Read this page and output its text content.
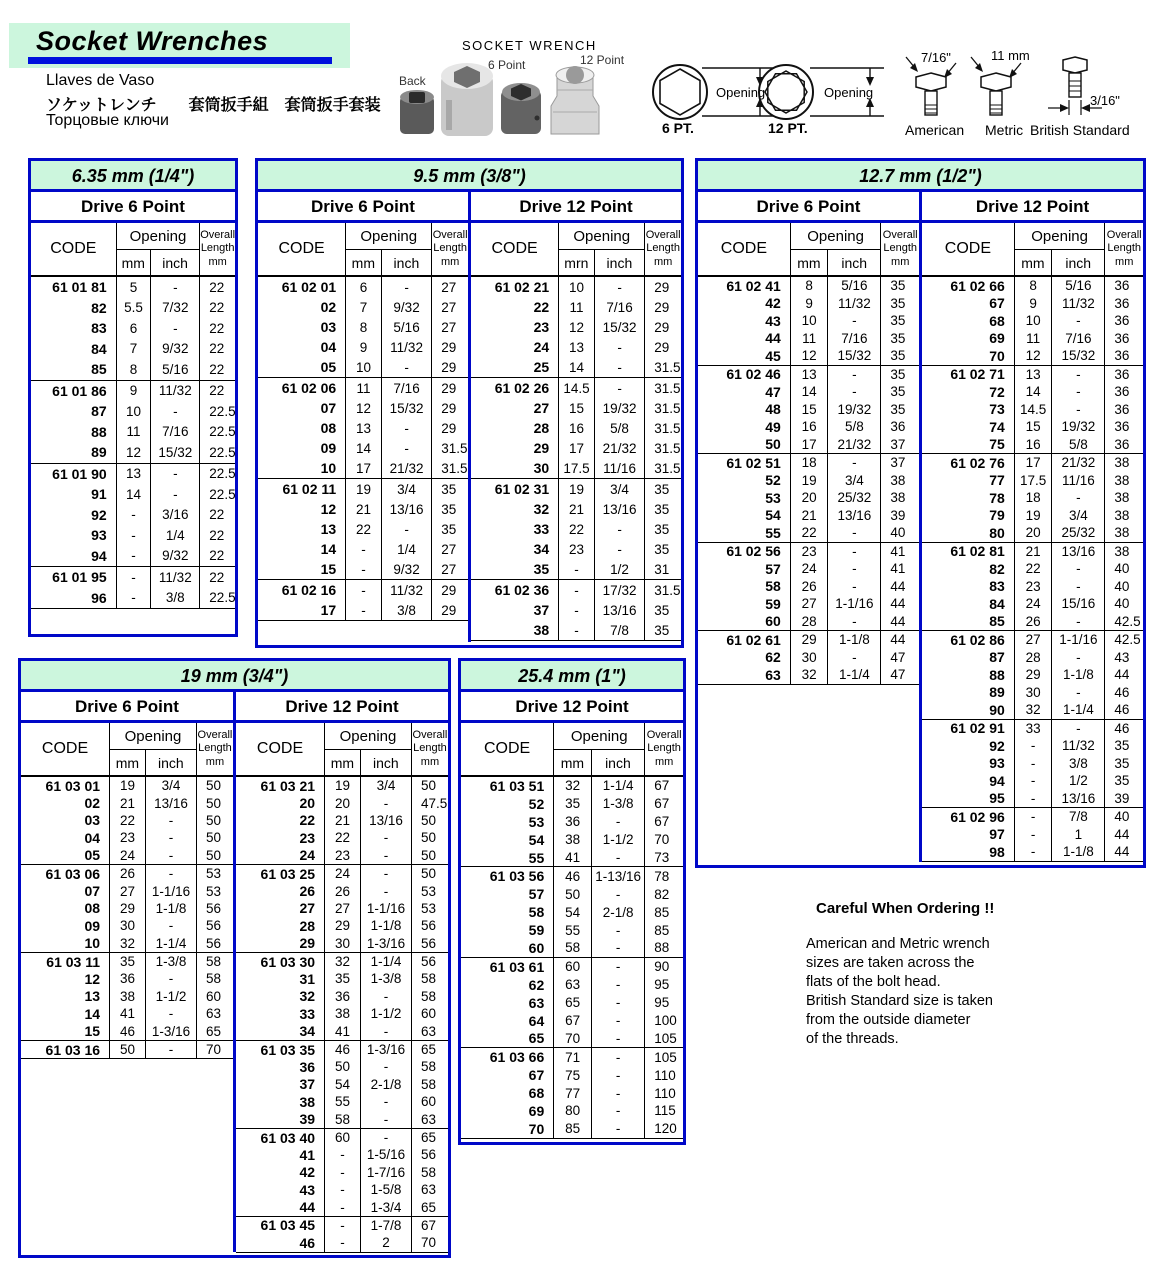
Socket Wrenches
Llaves de Vaso
ソケットレンチ　　套筒扳手組　套筒扳手套装
Торцовые ключи
SOCKET WRENCH
Back
6 Point	12 Point
Opening
6 PT.
Opening
12 PT.
7/16"
American
11 mm
Metric
3/16"
British Standard
6.35 mm (1/4")
Drive 6 Point
CODE
Opening
mm	inch
Overall
Length
mm
61 01 81	5	-	22
82	5.5	7/32	22
83	6	-	22
84	7	9/32	22
85	8	5/16	22
61 01 86	9	11/32	22
87	10	-	22.5
88	11	7/16	22.5
89	12	15/32	22.5
61 01 90	13	-	22.5
91	14	-	22.5
92	-	3/16	22
93	-	1/4	22
94	-	9/32	22
61 01 95	-	11/32	22
96	-	3/8	22.5
9.5 mm (3/8")
Drive 6 Point
CODE
Opening
mm	inch
Overall
Length
mm
61 02 01	6	-	27
02	7	9/32	27
03	8	5/16	27
04	9	11/32	29
05	10	-	29
61 02 06	11	7/16	29
07	12	15/32	29
08	13	-	29
09	14	-	31.5
10	17	21/32	31.5
61 02 11	19	3/4	35
12	21	13/16	35
13	22	-	35
14	-	1/4	27
15	-	9/32	27
61 02 16	-	11/32	29
17	-	3/8	29
Drive 12 Point
CODE
Opening
mrn	inch
Overall
Length
mm
61 02 21	10	-	29
22	11	7/16	29
23	12	15/32	29
24	13	-	29
25	14	-	31.5
61 02 26	14.5	-	31.5
27	15	19/32	31.5
28	16	5/8	31.5
29	17	21/32	31.5
30	17.5	11/16	31.5
61 02 31	19	3/4	35
32	21	13/16	35
33	22	-	35
34	23	-	35
35	-	1/2	31
61 02 36	-	17/32	31.5
37	-	13/16	35
38	-	7/8	35
12.7 mm (1/2")
Drive 6 Point
CODE
Opening
mm	inch
Overall
Length
mm
61 02 41	8	5/16	35
42	9	11/32	35
43	10	-	35
44	11	7/16	35
45	12	15/32	35
61 02 46	13	-	35
47	14	-	35
48	15	19/32	35
49	16	5/8	36
50	17	21/32	37
61 02 51	18	-	37
52	19	3/4	38
53	20	25/32	38
54	21	13/16	39
55	22	-	40
61 02 56	23	-	41
57	24	-	41
58	26	-	44
59	27	1-1/16	44
60	28	-	44
61 02 61	29	1-1/8	44
62	30	-	47
63	32	1-1/4	47
Drive 12 Point
CODE
Opening
mm	inch
Overall
Length
mm
61 02 66	8	5/16	36
67	9	11/32	36
68	10	-	36
69	11	7/16	36
70	12	15/32	36
61 02 71	13	-	36
72	14	-	36
73	14.5	-	36
74	15	19/32	36
75	16	5/8	36
61 02 76	17	21/32	38
77	17.5	11/16	38
78	18	-	38
79	19	3/4	38
80	20	25/32	38
61 02 81	21	13/16	38
82	22	-	40
83	23	-	40
84	24	15/16	40
85	26	-	42.5
61 02 86	27	1-1/16	42.5
87	28	-	43
88	29	1-1/8	44
89	30	-	46
90	32	1-1/4	46
61 02 91	33	-	46
92	-	11/32	35
93	-	3/8	35
94	-	1/2	35
95	-	13/16	39
61 02 96	-	7/8	40
97	-	1	44
98	-	1-1/8	44
19 mm (3/4")
Drive 6 Point
CODE
Opening
mm	inch
Overall
Length
mm
61 03 01	19	3/4	50
02	21	13/16	50
03	22	-	50
04	23	-	50
05	24	-	50
61 03 06	26	-	53
07	27	1-1/16	53
08	29	1-1/8	56
09	30	-	56
10	32	1-1/4	56
61 03 11	35	1-3/8	58
12	36	-	58
13	38	1-1/2	60
14	41	-	63
15	46	1-3/16	65
61 03 16	50	-	70
Drive 12 Point
CODE
Opening
mm	inch
Overall
Length
mm
61 03 21	19	3/4	50
20	20	-	47.5
22	21	13/16	50
23	22	-	50
24	23	-	50
61 03 25	24	-	50
26	26	-	53
27	27	1-1/16	53
28	29	1-1/8	56
29	30	1-3/16	56
61 03 30	32	1-1/4	56
31	35	1-3/8	58
32	36	-	58
33	38	1-1/2	60
34	41	-	63
61 03 35	46	1-3/16	65
36	50	-	58
37	54	2-1/8	58
38	55	-	60
39	58	-	63
61 03 40	60	-	65
41	-	1-5/16	56
42	-	1-7/16	58
43	-	1-5/8	63
44	-	1-3/4	65
61 03 45	-	1-7/8	67
46	-	2	70
25.4 mm (1")
Drive 12 Point
CODE
Opening
mm	inch
Overall
Length
mm
61 03 51	32	1-1/4	67
52	35	1-3/8	67
53	36	-	67
54	38	1-1/2	70
55	41	-	73
61 03 56	46	1-13/16 78
57	50	-	82
58	54	2-1/8	85
59	55	-	85
60	58	-	88
61 03 61	60	-	90
62	63	-	95
63	65	-	95
64	67	-	100
65	70	-	105
61 03 66	71	-	105
67	75	-	110
68	77	-	110
69	80	-	115
70	85	-	120
Careful When Ordering !!
American and Metric wrench
sizes are taken across the
flats of the bolt head.
British Standard size is taken
from the outside diameter
of the threads.
